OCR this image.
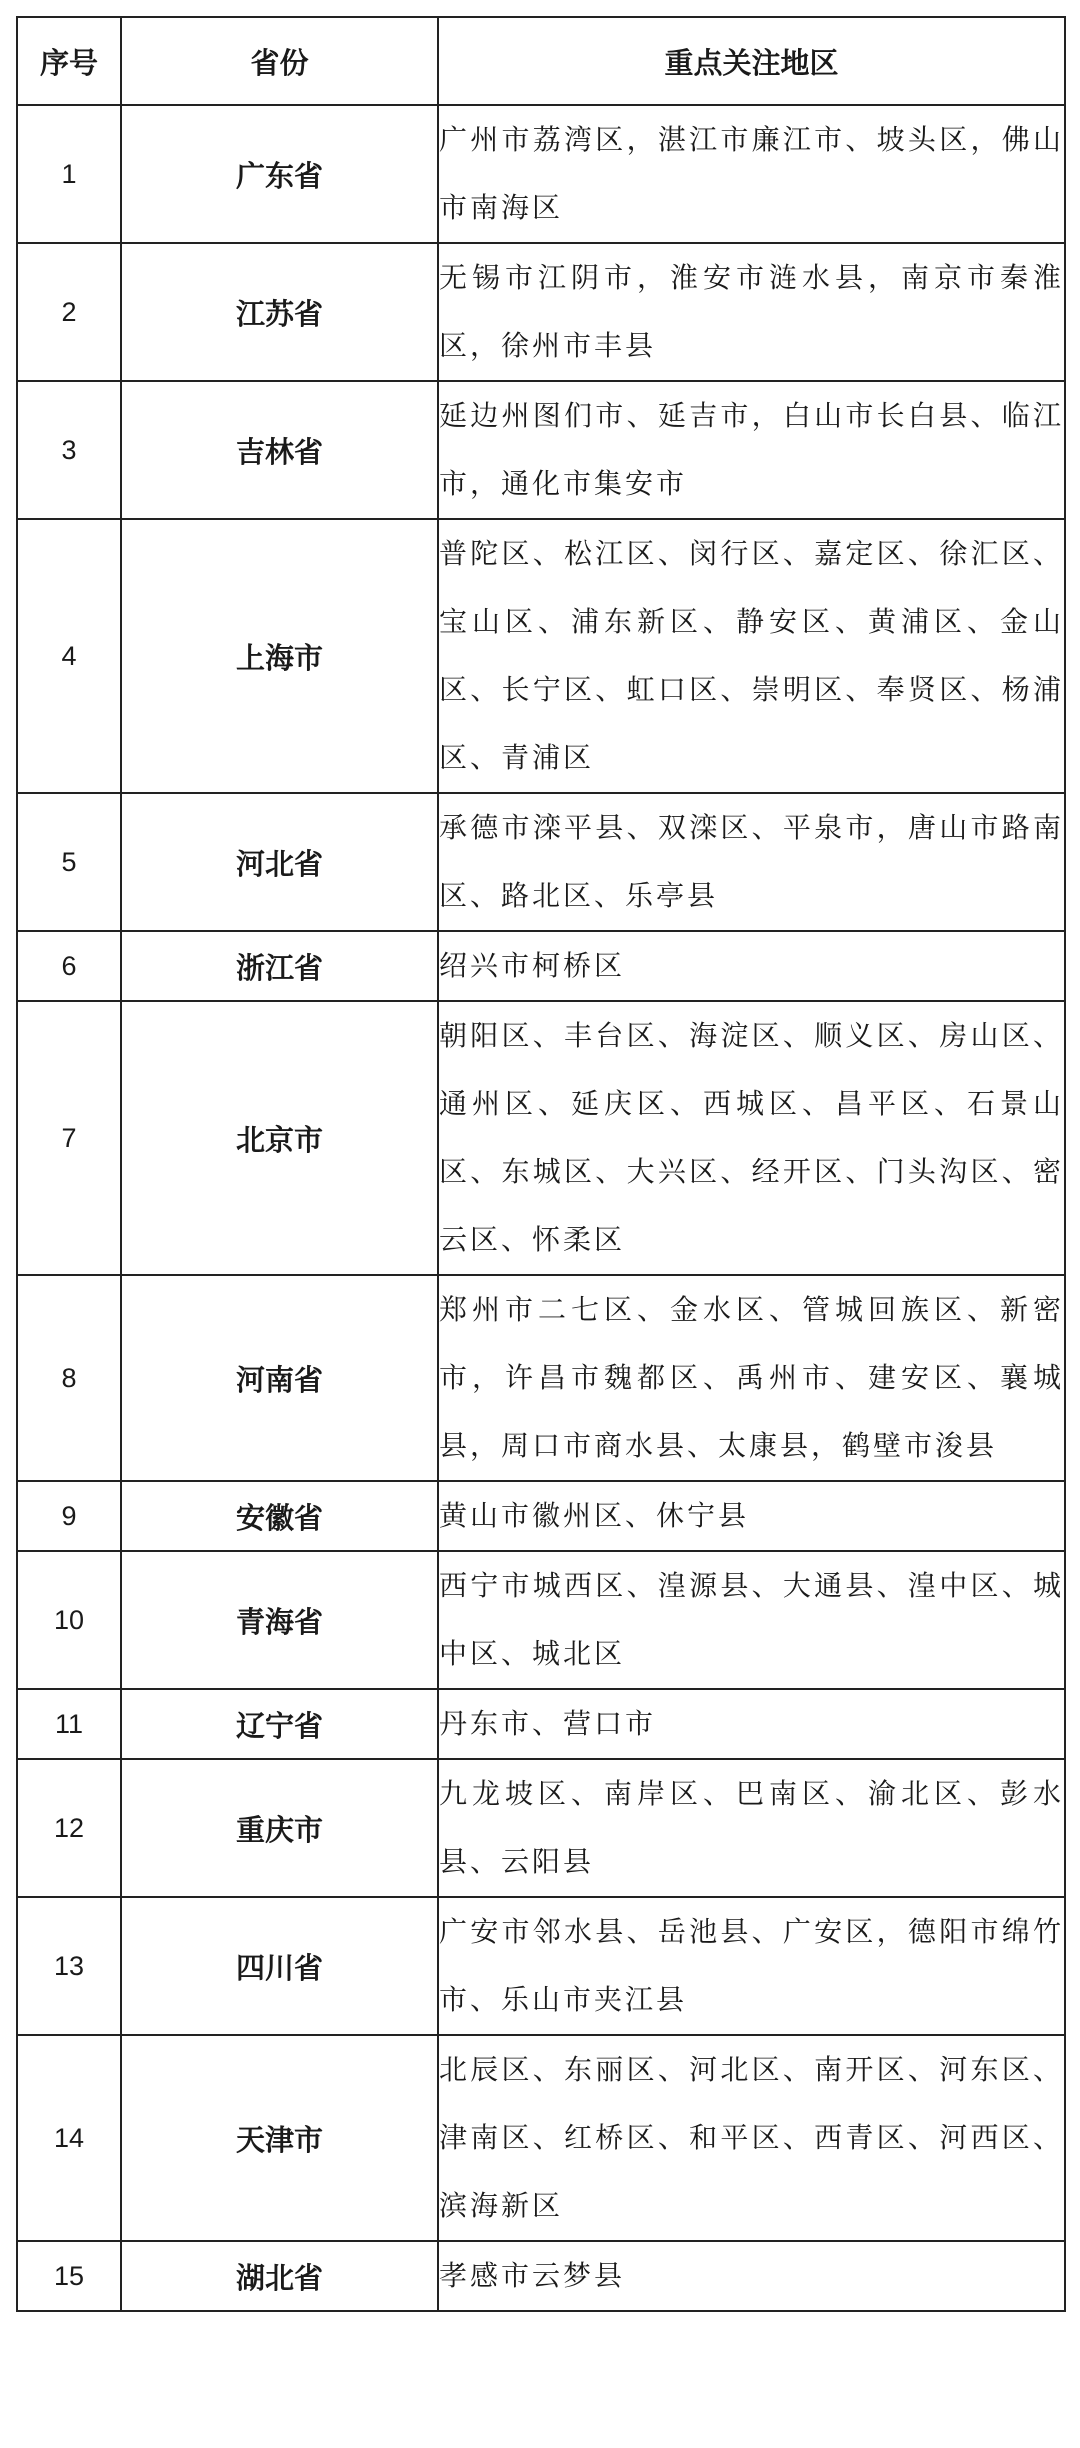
序号	省份	重点关注地区
1	广东省	广州市荔湾区，湛江市廉江市、坡头区，佛山市南海区
2	江苏省	无锡市江阴市，淮安市涟水县，南京市秦淮区，徐州市丰县
3	吉林省	延边州图们市、延吉市，白山市长白县、临江市，通化市集安市
4	上海市	普陀区、松江区、闵行区、嘉定区、徐汇区、宝山区、浦东新区、静安区、黄浦区、金山区、长宁区、虹口区、崇明区、奉贤区、杨浦区、青浦区
5	河北省	承德市滦平县、双滦区、平泉市，唐山市路南区、路北区、乐亭县
6	浙江省	绍兴市柯桥区
7	北京市	朝阳区、丰台区、海淀区、顺义区、房山区、通州区、延庆区、西城区、昌平区、石景山区、东城区、大兴区、经开区、门头沟区、密云区、怀柔区
8	河南省	郑州市二七区、金水区、管城回族区、新密市，许昌市魏都区、禹州市、建安区、襄城县，周口市商水县、太康县，鹤壁市浚县
9	安徽省	黄山市徽州区、休宁县
10	青海省	西宁市城西区、湟源县、大通县、湟中区、城中区、城北区
11	辽宁省	丹东市、营口市
12	重庆市	九龙坡区、南岸区、巴南区、渝北区、彭水县、云阳县
13	四川省	广安市邻水县、岳池县、广安区，德阳市绵竹市、乐山市夹江县
14	天津市	北辰区、东丽区、河北区、南开区、河东区、津南区、红桥区、和平区、西青区、河西区、滨海新区
15	湖北省	孝感市云梦县
